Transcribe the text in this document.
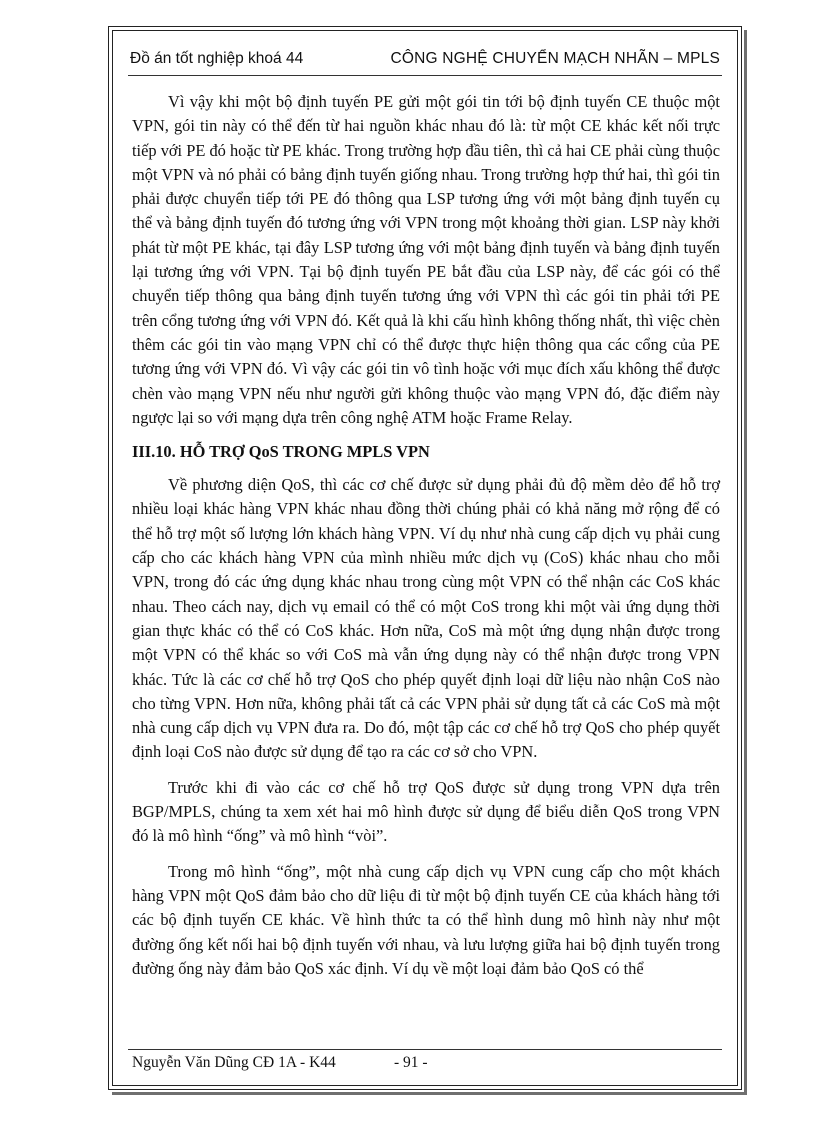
Đồ án tốt nghiệp khoá 44	CÔNG NGHỆ CHUYỂN MẠCH NHÃN – MPLS

Vì vậy khi một bộ định tuyến PE gửi một gói tin tới bộ định tuyến CE thuộc một VPN, gói tin này có thể đến từ hai nguồn khác nhau đó là: từ một CE khác kết nối trực tiếp với PE đó hoặc từ PE khác. Trong trường hợp đầu tiên, thì cả hai CE phải cùng thuộc một VPN và nó phải có bảng định tuyến giống nhau. Trong trường hợp thứ hai, thì gói tin phải được chuyển tiếp tới PE đó thông qua LSP tương ứng với một bảng định tuyến cụ thể và bảng định tuyến đó tương ứng với VPN trong một khoảng thời gian. LSP này khởi phát từ một PE khác, tại đây LSP tương ứng với một bảng định tuyến và bảng định tuyến lại tương ứng với VPN. Tại bộ định tuyến PE bắt đầu của LSP này, để các gói có thể chuyển tiếp thông qua bảng định tuyến tương ứng với VPN thì các gói tin phải tới PE trên cổng tương ứng với VPN đó. Kết quả là khi cấu hình không thống nhất, thì việc chèn thêm các gói tin vào mạng VPN chỉ có thể được thực hiện thông qua các cổng của PE tương ứng với VPN đó. Vì vậy các gói tin vô tình hoặc với mục đích xấu không thể được chèn vào mạng VPN nếu như người gửi không thuộc vào mạng VPN đó, đặc điểm này ngược lại so với mạng dựa trên công nghệ ATM hoặc Frame Relay.

III.10. HỖ TRỢ QoS TRONG MPLS VPN

Về phương diện QoS, thì các cơ chế được sử dụng phải đủ độ mềm dẻo để hỗ trợ nhiều loại khác hàng VPN khác nhau đồng thời chúng phải có khả năng mở rộng để có thể hỗ trợ một số lượng lớn khách hàng VPN. Ví dụ như nhà cung cấp dịch vụ phải cung cấp cho các khách hàng VPN của mình nhiều mức dịch vụ (CoS) khác nhau cho mỗi VPN, trong đó các ứng dụng khác nhau trong cùng một VPN có thể nhận các CoS khác nhau. Theo cách nay, dịch vụ email có thể có một CoS trong khi một vài ứng dụng thời gian thực khác có thể có CoS khác. Hơn nữa, CoS mà một ứng dụng nhận được trong một VPN có thể khác so với CoS mà vẫn ứng dụng này có thể nhận được trong VPN khác. Tức là các cơ chế hỗ trợ QoS cho phép quyết định loại dữ liệu nào nhận CoS nào cho từng VPN. Hơn nữa, không phải tất cả các VPN phải sử dụng tất cả các CoS mà một nhà cung cấp dịch vụ VPN đưa ra. Do đó, một tập các cơ chế hỗ trợ QoS cho phép quyết định loại CoS nào được sử dụng để tạo ra các cơ sở cho VPN.

Trước khi đi vào các cơ chế hỗ trợ QoS được sử dụng trong VPN dựa trên BGP/MPLS, chúng ta xem xét hai mô hình được sử dụng để biểu diễn QoS trong VPN đó là mô hình “ống” và mô hình “vòi”.

Trong mô hình “ống”, một nhà cung cấp dịch vụ VPN cung cấp cho một khách hàng VPN một QoS đảm bảo cho dữ liệu đi từ một bộ định tuyến CE của khách hàng tới các bộ định tuyến CE khác. Về hình thức ta có thể hình dung mô hình này như một đường ống kết nối hai bộ định tuyến với nhau, và lưu lượng giữa hai bộ định tuyến trong đường ống này đảm bảo QoS xác định. Ví dụ về một loại đảm bảo QoS có thể

Nguyễn Văn Dũng CĐ 1A - K44	- 91 -
